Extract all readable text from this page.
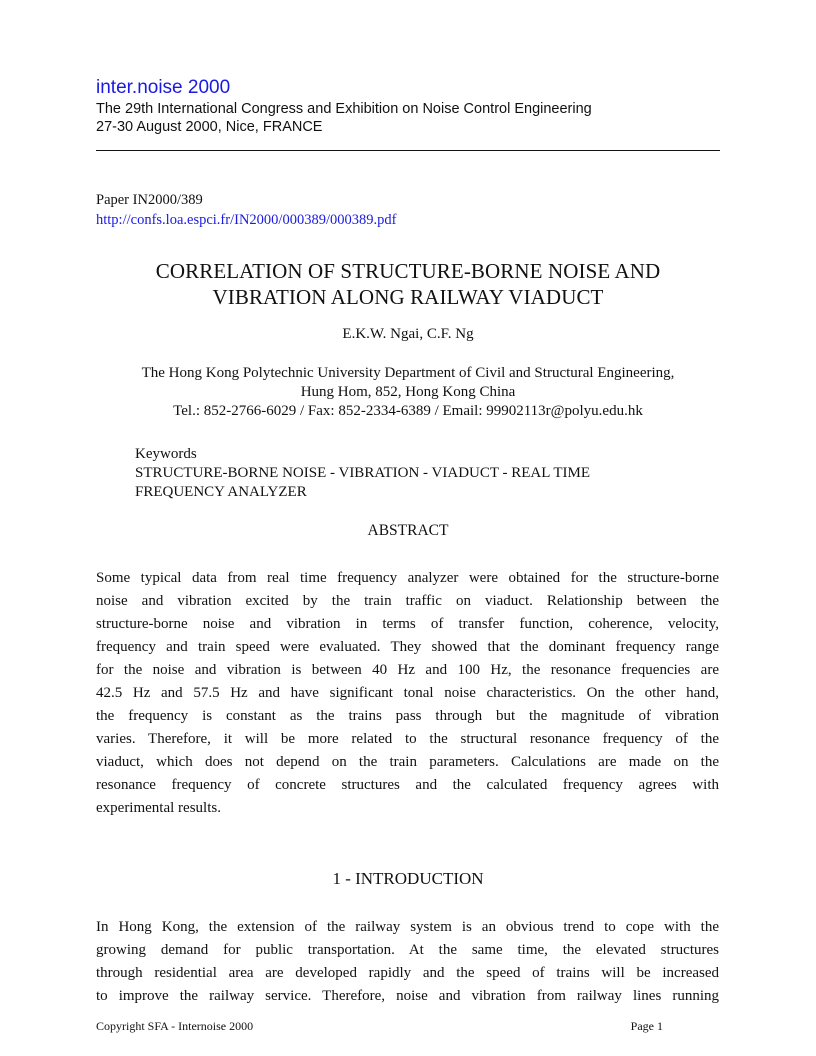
inter.noise 2000
The 29th International Congress and Exhibition on Noise Control Engineering
27-30 August 2000, Nice, FRANCE
Paper IN2000/389
http://confs.loa.espci.fr/IN2000/000389/000389.pdf
CORRELATION OF STRUCTURE-BORNE NOISE AND
VIBRATION ALONG RAILWAY VIADUCT
E.K.W. Ngai, C.F. Ng
The Hong Kong Polytechnic University Department of Civil and Structural Engineering,
Hung Hom, 852, Hong Kong China
Tel.: 852-2766-6029 / Fax: 852-2334-6389 / Email: 99902113r@polyu.edu.hk
Keywords
STRUCTURE-BORNE NOISE - VIBRATION - VIADUCT - REAL TIME
FREQUENCY ANALYZER
ABSTRACT

Some typical data from real time frequency analyzer were obtained for the structure-borne
noise and vibration excited by the train traffic on viaduct. Relationship between the
structure-borne noise and vibration in terms of transfer function, coherence, velocity,
frequency and train speed were evaluated. They showed that the dominant frequency range
for the noise and vibration is between 40 Hz and 100 Hz, the resonance frequencies are
42.5 Hz and 57.5 Hz and have significant tonal noise characteristics. On the other hand,
the frequency is constant as the trains pass through but the magnitude of vibration
varies. Therefore, it will be more related to the structural resonance frequency of the
viaduct, which does not depend on the train parameters. Calculations are made on the
resonance frequency of concrete structures and the calculated frequency agrees with
experimental results.

1 - INTRODUCTION

In Hong Kong, the extension of the railway system is an obvious trend to cope with the
growing demand for public transportation. At the same time, the elevated structures
through residential area are developed rapidly and the speed of trains will be increased
to improve the railway service. Therefore, noise and vibration from railway lines running

Copyright SFA - Internoise 2000	Page 1
